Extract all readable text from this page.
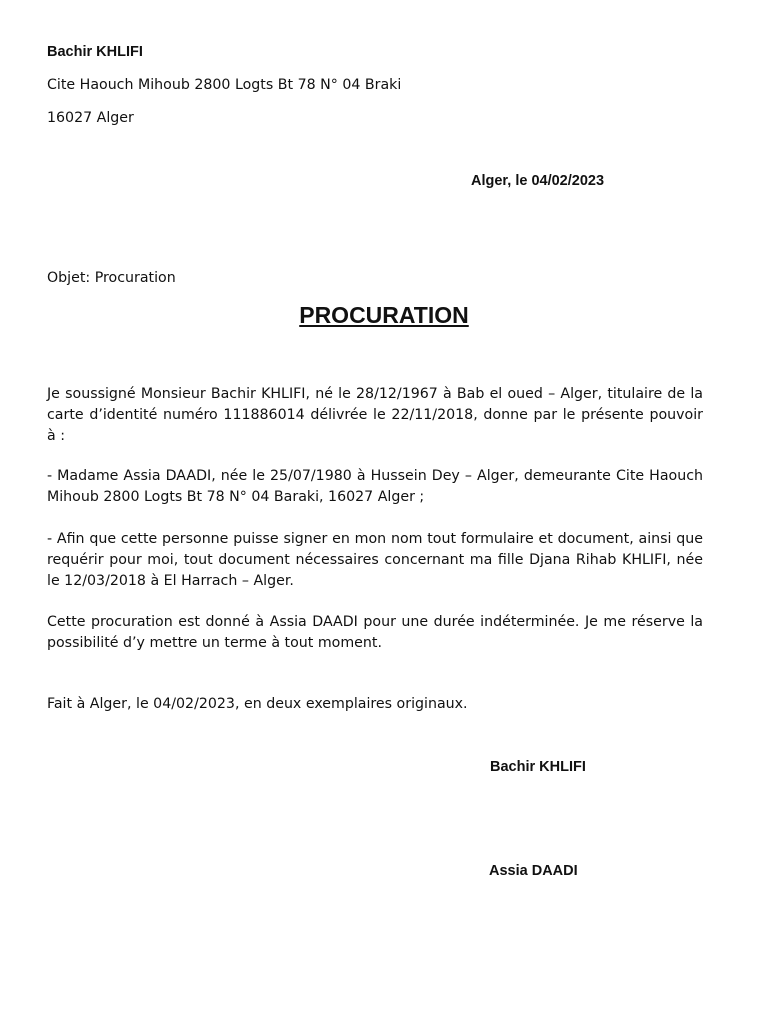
Bachir KHLIFI
Cite Haouch Mihoub 2800 Logts Bt 78 N° 04 Braki
16027 Alger
Alger, le 04/02/2023
Objet: Procuration
PROCURATION
Je soussigné Monsieur Bachir KHLIFI, né le 28/12/1967 à Bab el oued – Alger, titulaire de la carte d’identité numéro 111886014 délivrée le 22/11/2018, donne par le présente pouvoir à :
- Madame Assia DAADI, née le 25/07/1980 à Hussein Dey – Alger, demeurante Cite Haouch Mihoub 2800 Logts Bt 78 N° 04 Baraki, 16027 Alger ;
- Afin que cette personne puisse signer en mon nom tout formulaire et document, ainsi que requérir pour moi, tout document nécessaires concernant ma fille Djana Rihab KHLIFI, née le 12/03/2018 à El Harrach – Alger.
Cette procuration est donné à Assia DAADI pour une durée indéterminée. Je me réserve la possibilité d’y mettre un terme à tout moment.
Fait à Alger, le 04/02/2023, en deux exemplaires originaux.
Bachir KHLIFI
Assia DAADI
